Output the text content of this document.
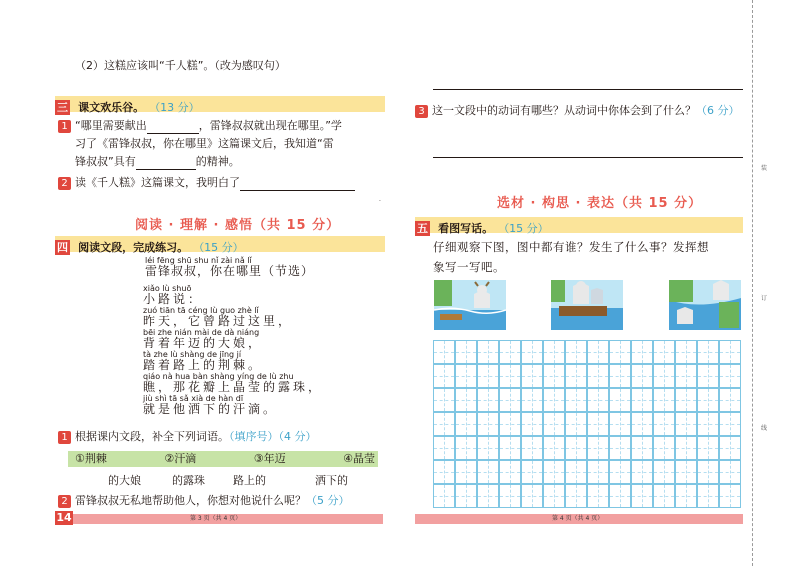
（2）这糕应该叫“千人糕”。（改为感叹句）
三 课文欢乐谷。 （13 分）
1 “哪里需要献出	，雷锋叔叔就出现在哪里。”学
习了《雷锋叔叔，你在哪里》这篇课文后，我知道“雷
锋叔叔”具有	的精神。
2 读《千人糕》这篇课文，我明白了
·
阅读 · 理解 · 感悟（共 15 分）
四 阅读文段，完成练习。 （15 分）
léi fēng shū shu nǐ zài nǎ lǐ
雷锋叔叔，你在哪里（节选）
xiǎo lù shuō
小路说：
zuó tiān tā céng lù guo zhè lǐ
昨天，它曾路过这里，
bēi zhe nián mài de dà niáng
背着年迈的大娘，
tà zhe lù shàng de jīng jí
踏着路上的荆棘。
qiáo nà hua bàn shàng yíng de lù zhu
瞧，那花瓣上晶莹的露珠，
jiù shì tā sǎ xià de hàn dī
就是他洒下的汗滴。
1 根据课内文段，补全下列词语。（填序号）（4 分）
①荆棘	②汗滴	③年迈	④晶莹
的大娘	的露珠	路上的	洒下的
2 雷锋叔叔无私地帮助他人，你想对他说什么呢？（5 分）
14	第 3 页（共 4 页）
3 这一文段中的动词有哪些？从动词中你体会到了什么？（6 分）
选材 · 构思 · 表达（共 15 分）
五 看图写话。 （15 分）
仔细观察下图，图中都有谁？发生了什么事？发挥想
象写一写吧。
第 4 页（共 4 页）
装
订
线
